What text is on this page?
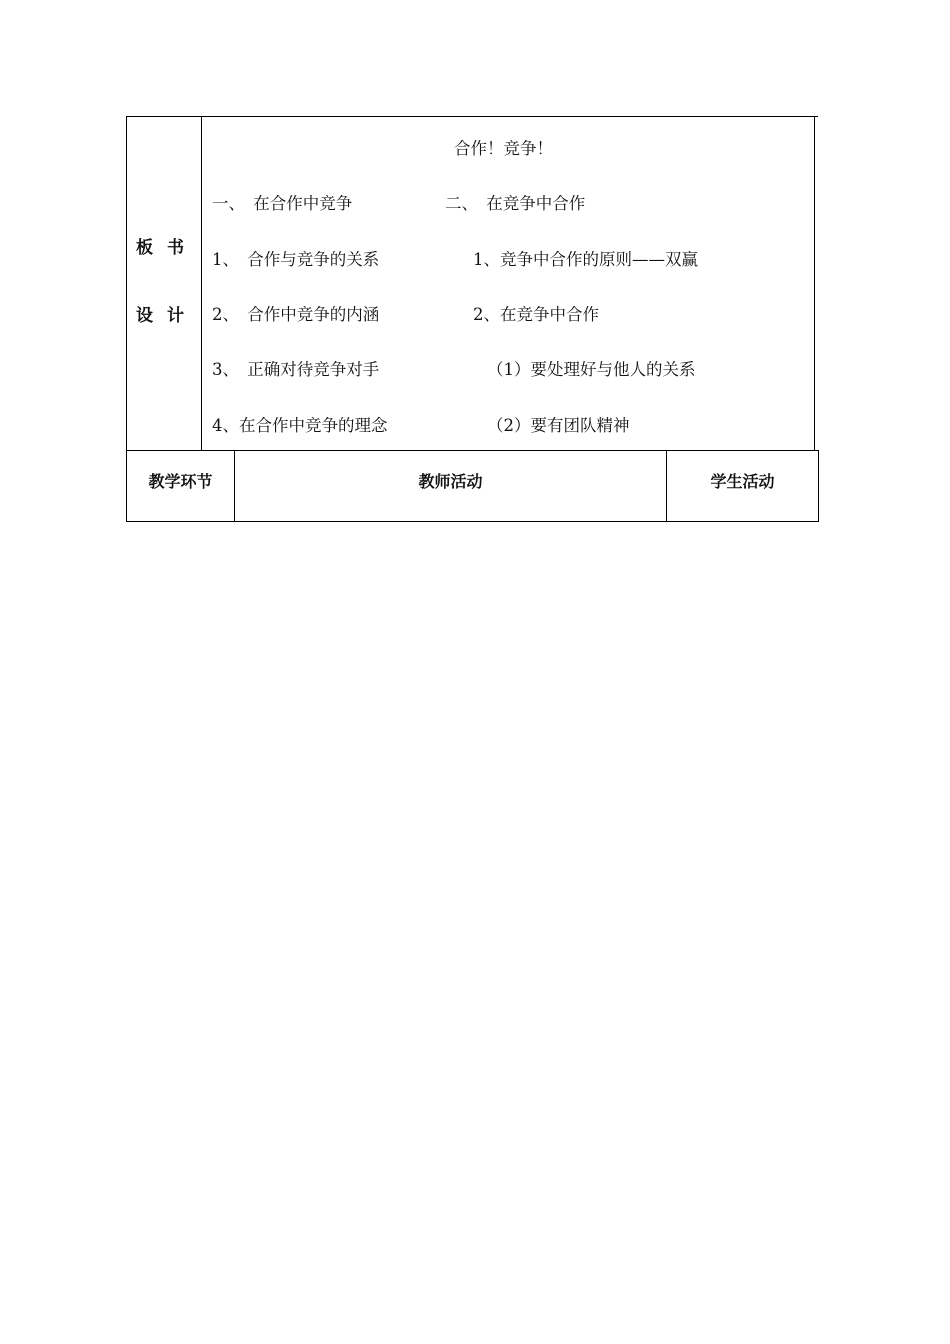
板书
设计
合作！竞争！
一、　在合作中竞争
1、　合作与竞争的关系
2、　合作中竞争的内涵
3、　正确对待竞争对手
4、在合作中竞争的理念
二、　在竞争中合作
1、竞争中合作的原则——双赢
2、在竞争中合作
（1）要处理好与他人的关系
（2）要有团队精神
教学环节	教师活动	学生活动
